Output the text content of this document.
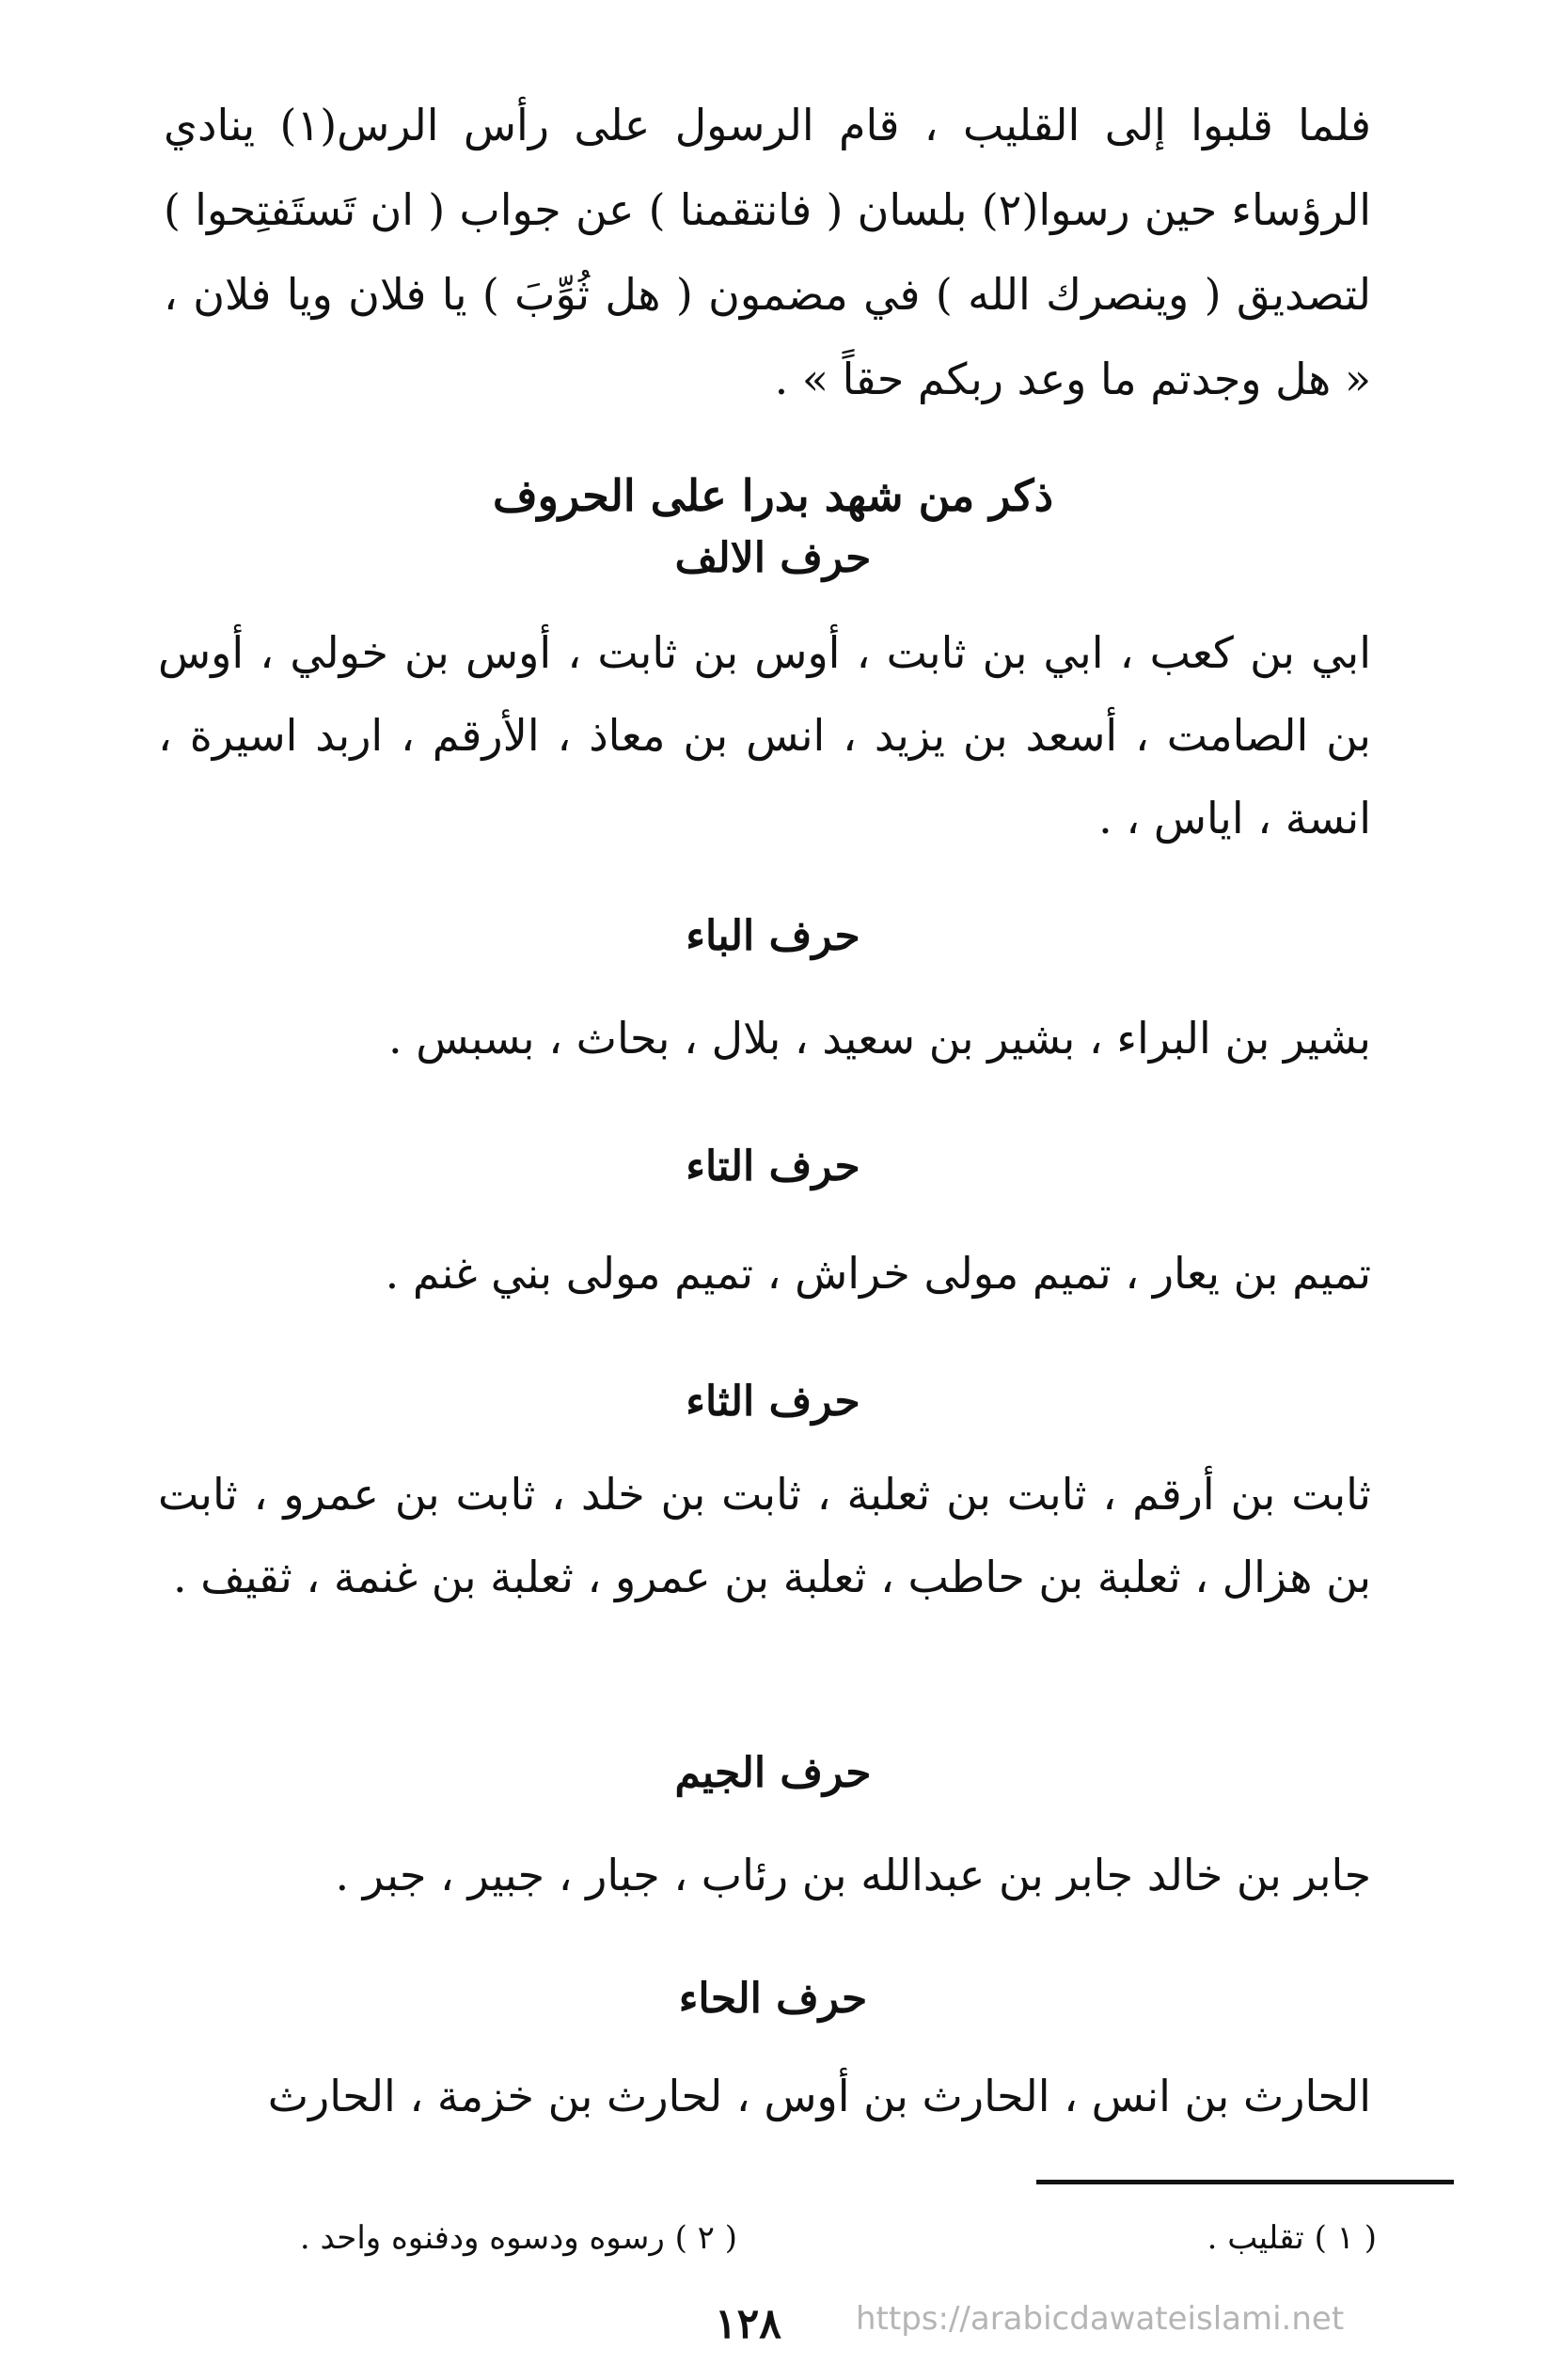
فلما قلبوا إلى القليب ، قام الرسول على رأس الرس(١) ينادي الرؤساء حين رسوا(٢) بلسان ( فانتقمنا ) عن جواب ( ان تَستَفتِحوا ) لتصديق ( وينصرك الله ) في مضمون ( هل ثُوِّبَ ) يا فلان ويا فلان ، « هل وجدتم ما وعد ربكم حقاً » .
ذكر من شهد بدرا على الحروف
حرف الالف
ابي بن كعب ، ابي بن ثابت ، أوس بن ثابت ، أوس بن خولي ، أوس بن الصامت ، أسعد بن يزيد ، انس بن معاذ ، الأرقم ، اربد اسيرة ، انسة ، اياس ، .
حرف الباء
بشير بن البراء ، بشير بن سعيد ، بلال ، بحاث ، بسبس .
حرف التاء
تميم بن يعار ، تميم مولى خراش ، تميم مولى بني غنم .
حرف الثاء
ثابت بن أرقم ، ثابت بن ثعلبة ، ثابت بن خلد ، ثابت بن عمرو ، ثابت بن هزال ، ثعلبة بن حاطب ، ثعلبة بن عمرو ، ثعلبة بن غنمة ، ثقيف .
حرف الجيم
جابر بن خالد جابر بن عبدالله بن رئاب ، جبار ، جبير ، جبر .
حرف الحاء
الحارث بن انس ، الحارث بن أوس ، لحارث بن خزمة ، الحارث
( ١ ) تقليب .
( ٢ ) رسوه ودسوه ودفنوه واحد .
١٢٨ https://arabicdawateislami.net
